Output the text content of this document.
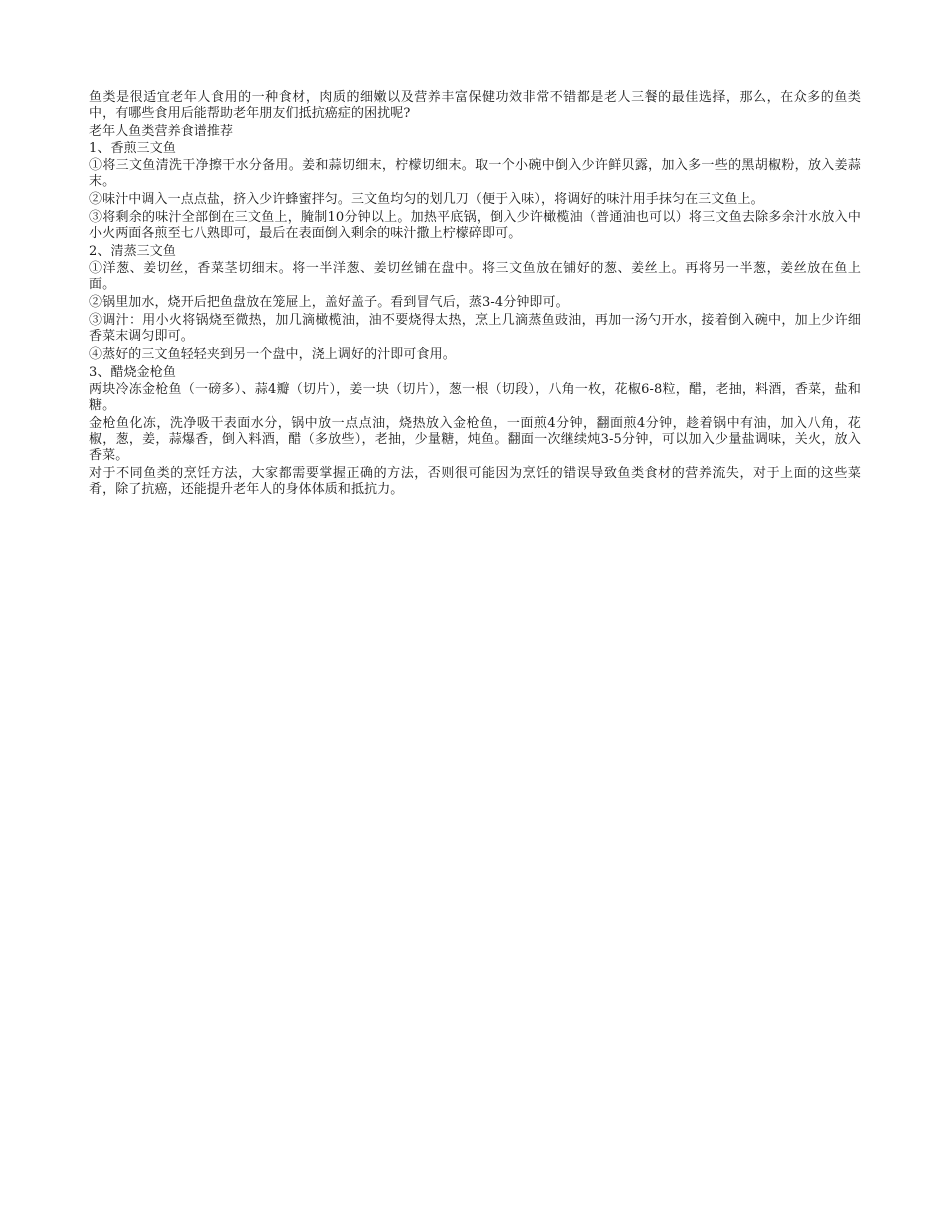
鱼类是很适宜老年人食用的一种食材，肉质的细嫩以及营养丰富保健功效非常不错都是老人三餐的最佳选择，那么，在众多的鱼类中，有哪些食用后能帮助老年朋友们抵抗癌症的困扰呢?

老年人鱼类营养食谱推荐

1、香煎三文鱼

①将三文鱼清洗干净擦干水分备用。姜和蒜切细末，柠檬切细末。取一个小碗中倒入少许鲜贝露，加入多一些的黑胡椒粉，放入姜蒜末。

②味汁中调入一点点盐，挤入少许蜂蜜拌匀。三文鱼均匀的划几刀（便于入味），将调好的味汁用手抹匀在三文鱼上。

③将剩余的味汁全部倒在三文鱼上，腌制10分钟以上。加热平底锅，倒入少许橄榄油（普通油也可以）将三文鱼去除多余汁水放入中小火两面各煎至七八熟即可，最后在表面倒入剩余的味汁撒上柠檬碎即可。

2、清蒸三文鱼

①洋葱、姜切丝，香菜茎切细末。将一半洋葱、姜切丝铺在盘中。将三文鱼放在铺好的葱、姜丝上。再将另一半葱，姜丝放在鱼上面。

②锅里加水，烧开后把鱼盘放在笼屉上，盖好盖子。看到冒气后，蒸3-4分钟即可。

③调汁：用小火将锅烧至微热，加几滴橄榄油，油不要烧得太热，烹上几滴蒸鱼豉油，再加一汤勺开水，接着倒入碗中，加上少许细香菜末调匀即可。

④蒸好的三文鱼轻轻夹到另一个盘中，浇上调好的汁即可食用。

3、醋烧金枪鱼

两块冷冻金枪鱼（一磅多）、蒜4瓣（切片），姜一块（切片），葱一根（切段），八角一枚，花椒6-8粒，醋，老抽，料酒，香菜，盐和糖。

金枪鱼化冻，洗净吸干表面水分，锅中放一点点油，烧热放入金枪鱼，一面煎4分钟，翻面煎4分钟，趁着锅中有油，加入八角，花椒，葱，姜，蒜爆香，倒入料酒，醋（多放些），老抽，少量糖，炖鱼。翻面一次继续炖3-5分钟，可以加入少量盐调味，关火，放入香菜。

对于不同鱼类的烹饪方法，大家都需要掌握正确的方法，否则很可能因为烹饪的错误导致鱼类食材的营养流失，对于上面的这些菜肴，除了抗癌，还能提升老年人的身体体质和抵抗力。
